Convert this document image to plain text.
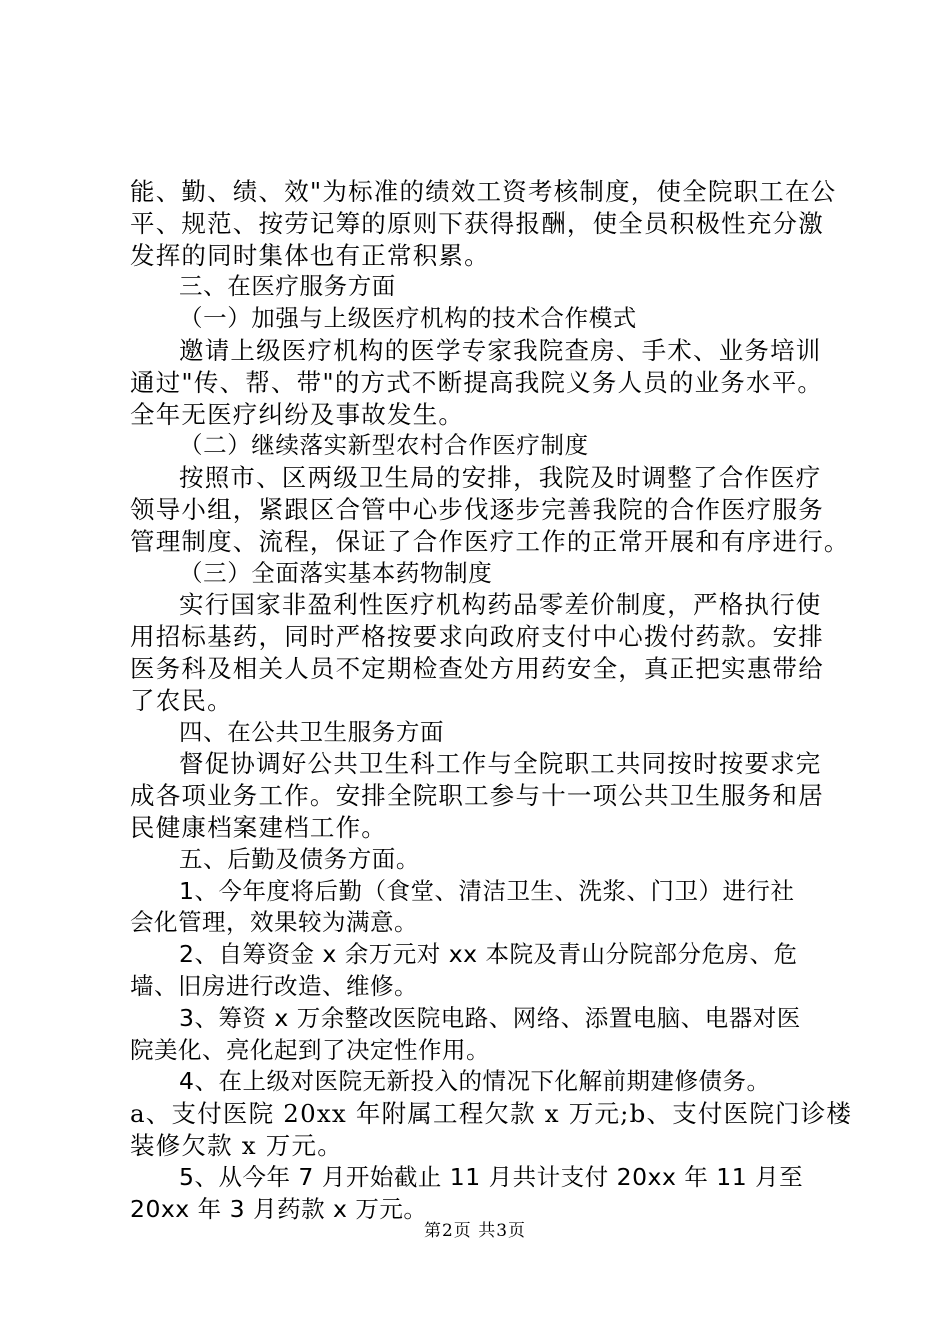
能、勤、绩、效"为标准的绩效工资考核制度，使全院职工在公
平、规范、按劳记筹的原则下获得报酬，使全员积极性充分激
发挥的同时集体也有正常积累。
三、在医疗服务方面
（一）加强与上级医疗机构的技术合作模式
邀请上级医疗机构的医学专家我院查房、手术、业务培训
通过"传、帮、带"的方式不断提高我院义务人员的业务水平。
全年无医疗纠纷及事故发生。
（二）继续落实新型农村合作医疗制度
按照市、区两级卫生局的安排，我院及时调整了合作医疗
领导小组，紧跟区合管中心步伐逐步完善我院的合作医疗服务
管理制度、流程，保证了合作医疗工作的正常开展和有序进行。
（三）全面落实基本药物制度
实行国家非盈利性医疗机构药品零差价制度，严格执行使
用招标基药，同时严格按要求向政府支付中心拨付药款。安排
医务科及相关人员不定期检查处方用药安全，真正把实惠带给
了农民。
四、在公共卫生服务方面
督促协调好公共卫生科工作与全院职工共同按时按要求完
成各项业务工作。安排全院职工参与十一项公共卫生服务和居
民健康档案建档工作。
五、后勤及债务方面。
1、今年度将后勤（食堂、清洁卫生、洗浆、门卫）进行社
会化管理，效果较为满意。
2、自筹资金 x 余万元对 xx 本院及青山分院部分危房、危
墙、旧房进行改造、维修。
3、筹资 x 万余整改医院电路、网络、添置电脑、电器对医
院美化、亮化起到了决定性作用。
4、在上级对医院无新投入的情况下化解前期建修债务。
a、支付医院 20xx 年附属工程欠款 x 万元;b、支付医院门诊楼
装修欠款 x 万元。
5、从今年 7 月开始截止 11 月共计支付 20xx 年 11 月至
20xx 年 3 月药款 x 万元。
第2页 共3页
